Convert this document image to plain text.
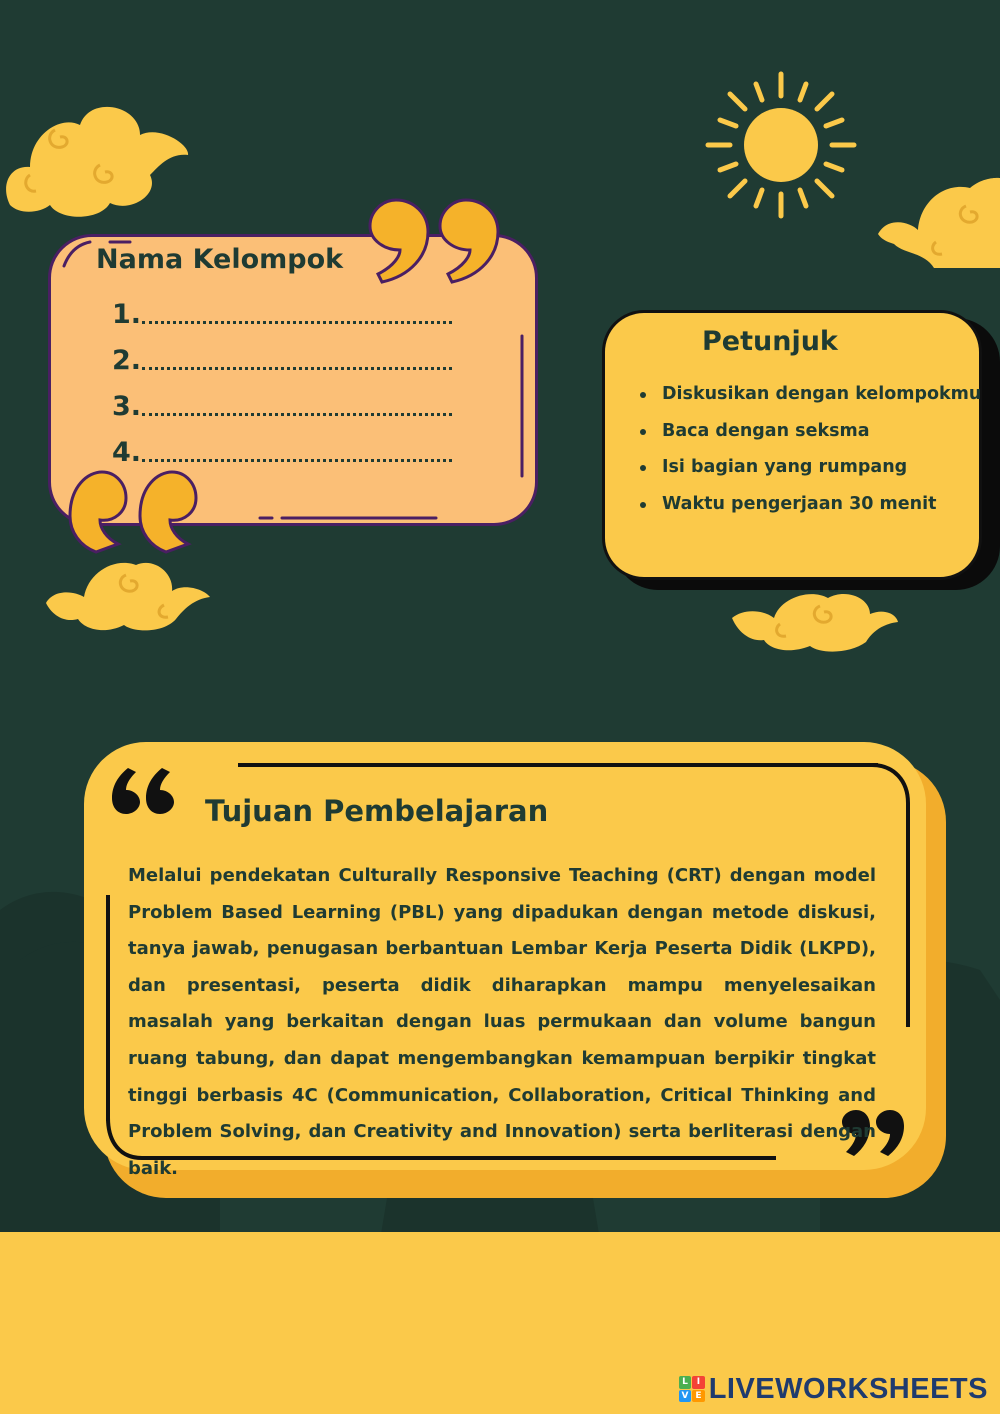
Nama Kelompok
1.
2.
3.
4.
Petunjuk
Diskusikan dengan kelompokmu
Baca dengan seksma
Isi bagian yang rumpang
Waktu pengerjaan 30 menit
Tujuan Pembelajaran
Melalui pendekatan Culturally Responsive Teaching (CRT) dengan model Problem Based Learning (PBL) yang dipadukan dengan metode diskusi, tanya jawab, penugasan berbantuan Lembar Kerja Peserta Didik (LKPD), dan presentasi, peserta didik diharapkan mampu menyelesaikan masalah yang berkaitan dengan luas permukaan dan volume bangun ruang tabung, dan dapat mengembangkan kemampuan berpikir tingkat tinggi berbasis 4C (Communication, Collaboration, Critical Thinking and Problem Solving, dan Creativity and Innovation) serta berliterasi dengan baik.
L I
V E LIVEWORKSHEETS
